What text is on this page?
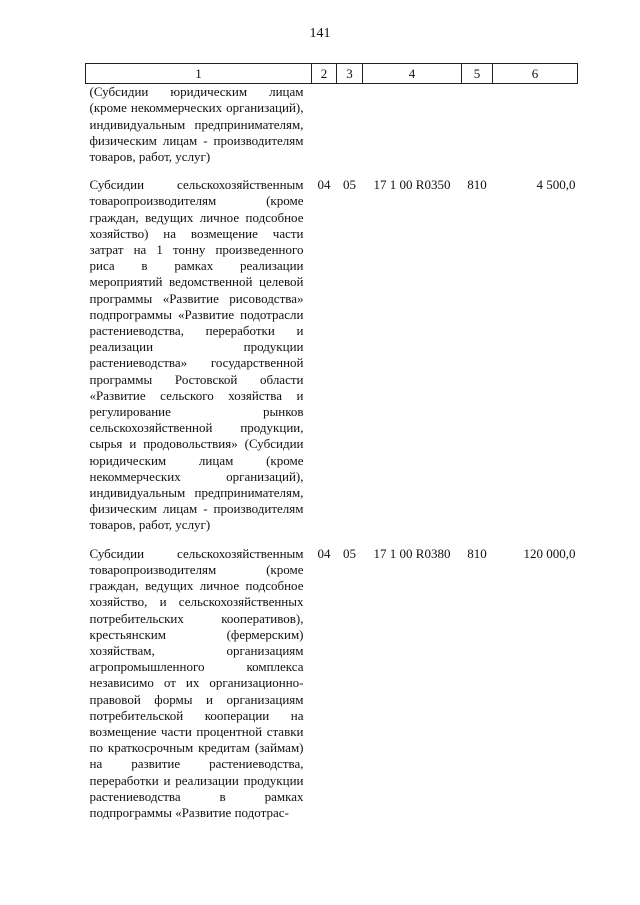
141
1	2	3	4	5	6
(Субсидии юридическим лицам (кроме некоммерческих организаций), индивидуальным предпринимателям, физическим лицам - производителям товаров, работ, услуг)					
Субсидии сельскохозяйственным товаропроизводителям (кроме граждан, ведущих личное подсобное хозяйство) на возмещение части затрат на 1 тонну произведенного риса в рамках реализации мероприятий ведомственной целевой программы «Развитие рисоводства» подпрограммы «Развитие подотрасли растениеводства, переработки и реализации продукции растениеводства» государственной программы Ростовской области «Развитие сельского хозяйства и регулирование рынков сельскохозяйственной продукции, сырья и продовольствия» (Субсидии юридическим лицам (кроме некоммерческих организаций), индивидуальным предпринимателям, физическим лицам - производителям товаров, работ, услуг)	04	05	17 1 00 R0350	810	4 500,0
Субсидии сельскохозяйственным товаропроизводителям (кроме граждан, ведущих личное подсобное хозяйство, и сельскохозяйственных потребительских кооперативов), крестьянским (фермерским) хозяйствам, организациям агропромышленного комплекса независимо от их организационно-правовой формы и организациям потребительской кооперации на возмещение части процентной ставки по краткосрочным кредитам (займам) на развитие растениеводства, переработки и реализации продукции растениеводства в рамках подпрограммы «Развитие подотрас-	04	05	17 1 00 R0380	810	120 000,0
